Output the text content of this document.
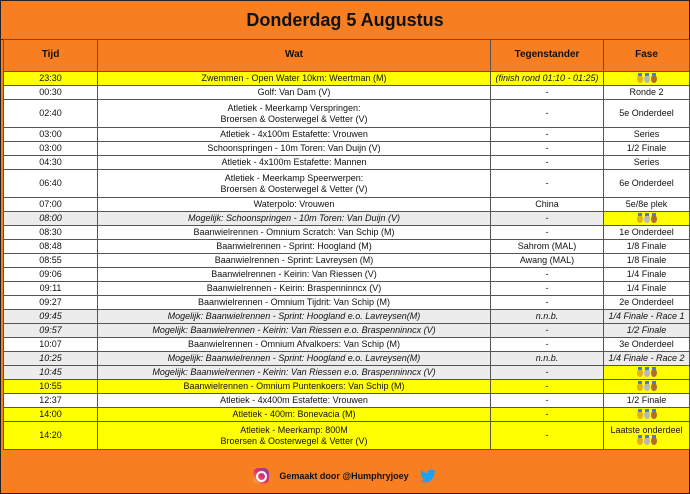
Donderdag 5 Augustus
Tijd	Wat	Tegenstander	Fase
23:30	Zwemmen - Open Water 10km: Weertman (M)	(finish rond 01:10 - 01:25)	

00:30	Golf: Van Dam (V)	-	Ronde 2
02:40	Atletiek - Meerkamp Verspringen:
Broersen & Oosterwegel & Vetter (V)	-	5e Onderdeel
03:00	Atletiek - 4x100m Estafette: Vrouwen	-	Series
03:00	Schoonspringen - 10m Toren: Van Duijn (V)	-	1/2 Finale
04:30	Atletiek - 4x100m Estafette: Mannen	-	Series
06:40	Atletiek - Meerkamp Speerwerpen:
Broersen & Oosterwegel & Vetter (V)	-	6e Onderdeel
07:00	Waterpolo: Vrouwen	China	5e/8e plek
08:00	Mogelijk: Schoonspringen - 10m Toren: Van Duijn (V)	-	

08:30	Baanwielrennen - Omnium Scratch: Van Schip (M)	-	1e Onderdeel
08:48	Baanwielrennen - Sprint: Hoogland (M)	Sahrom (MAL)	1/8 Finale
08:55	Baanwielrennen - Sprint: Lavreysen (M)	Awang (MAL)	1/8 Finale
09:06	Baanwielrennen - Keirin: Van Riessen (V)	-	1/4 Finale
09:11	Baanwielrennen - Keirin: Braspenninncx (V)	-	1/4 Finale
09:27	Baanwielrennen - Omnium Tijdrit: Van Schip (M)	-	2e Onderdeel
09:45	Mogelijk: Baanwielrennen - Sprint: Hoogland e.o. Lavreysen(M)	n.n.b.	1/4 Finale - Race 1
09:57	Mogelijk: Baanwielrennen - Keirin: Van Riessen e.o. Braspenninncx (V)	-	1/2 Finale
10:07	Baanwielrennen - Omnium Afvalkoers: Van Schip (M)	-	3e Onderdeel
10:25	Mogelijk: Baanwielrennen - Sprint: Hoogland e.o. Lavreysen(M)	n.n.b.	1/4 Finale - Race 2
10:45	Mogelijk: Baanwielrennen - Keirin: Van Riessen e.o. Braspenninncx (V)	-	

10:55	Baanwielrennen - Omnium Puntenkoers: Van Schip (M)	-	

12:37	Atletiek - 4x400m Estafette: Vrouwen	-	1/2 Finale
14:00	Atletiek - 400m: Bonevacia (M)	-	

14:20	Atletiek - Meerkamp: 800M
Broersen & Oosterwegel & Vetter (V)	-	Laatste onderdeel
Gemaakt door @Humphryjoey
